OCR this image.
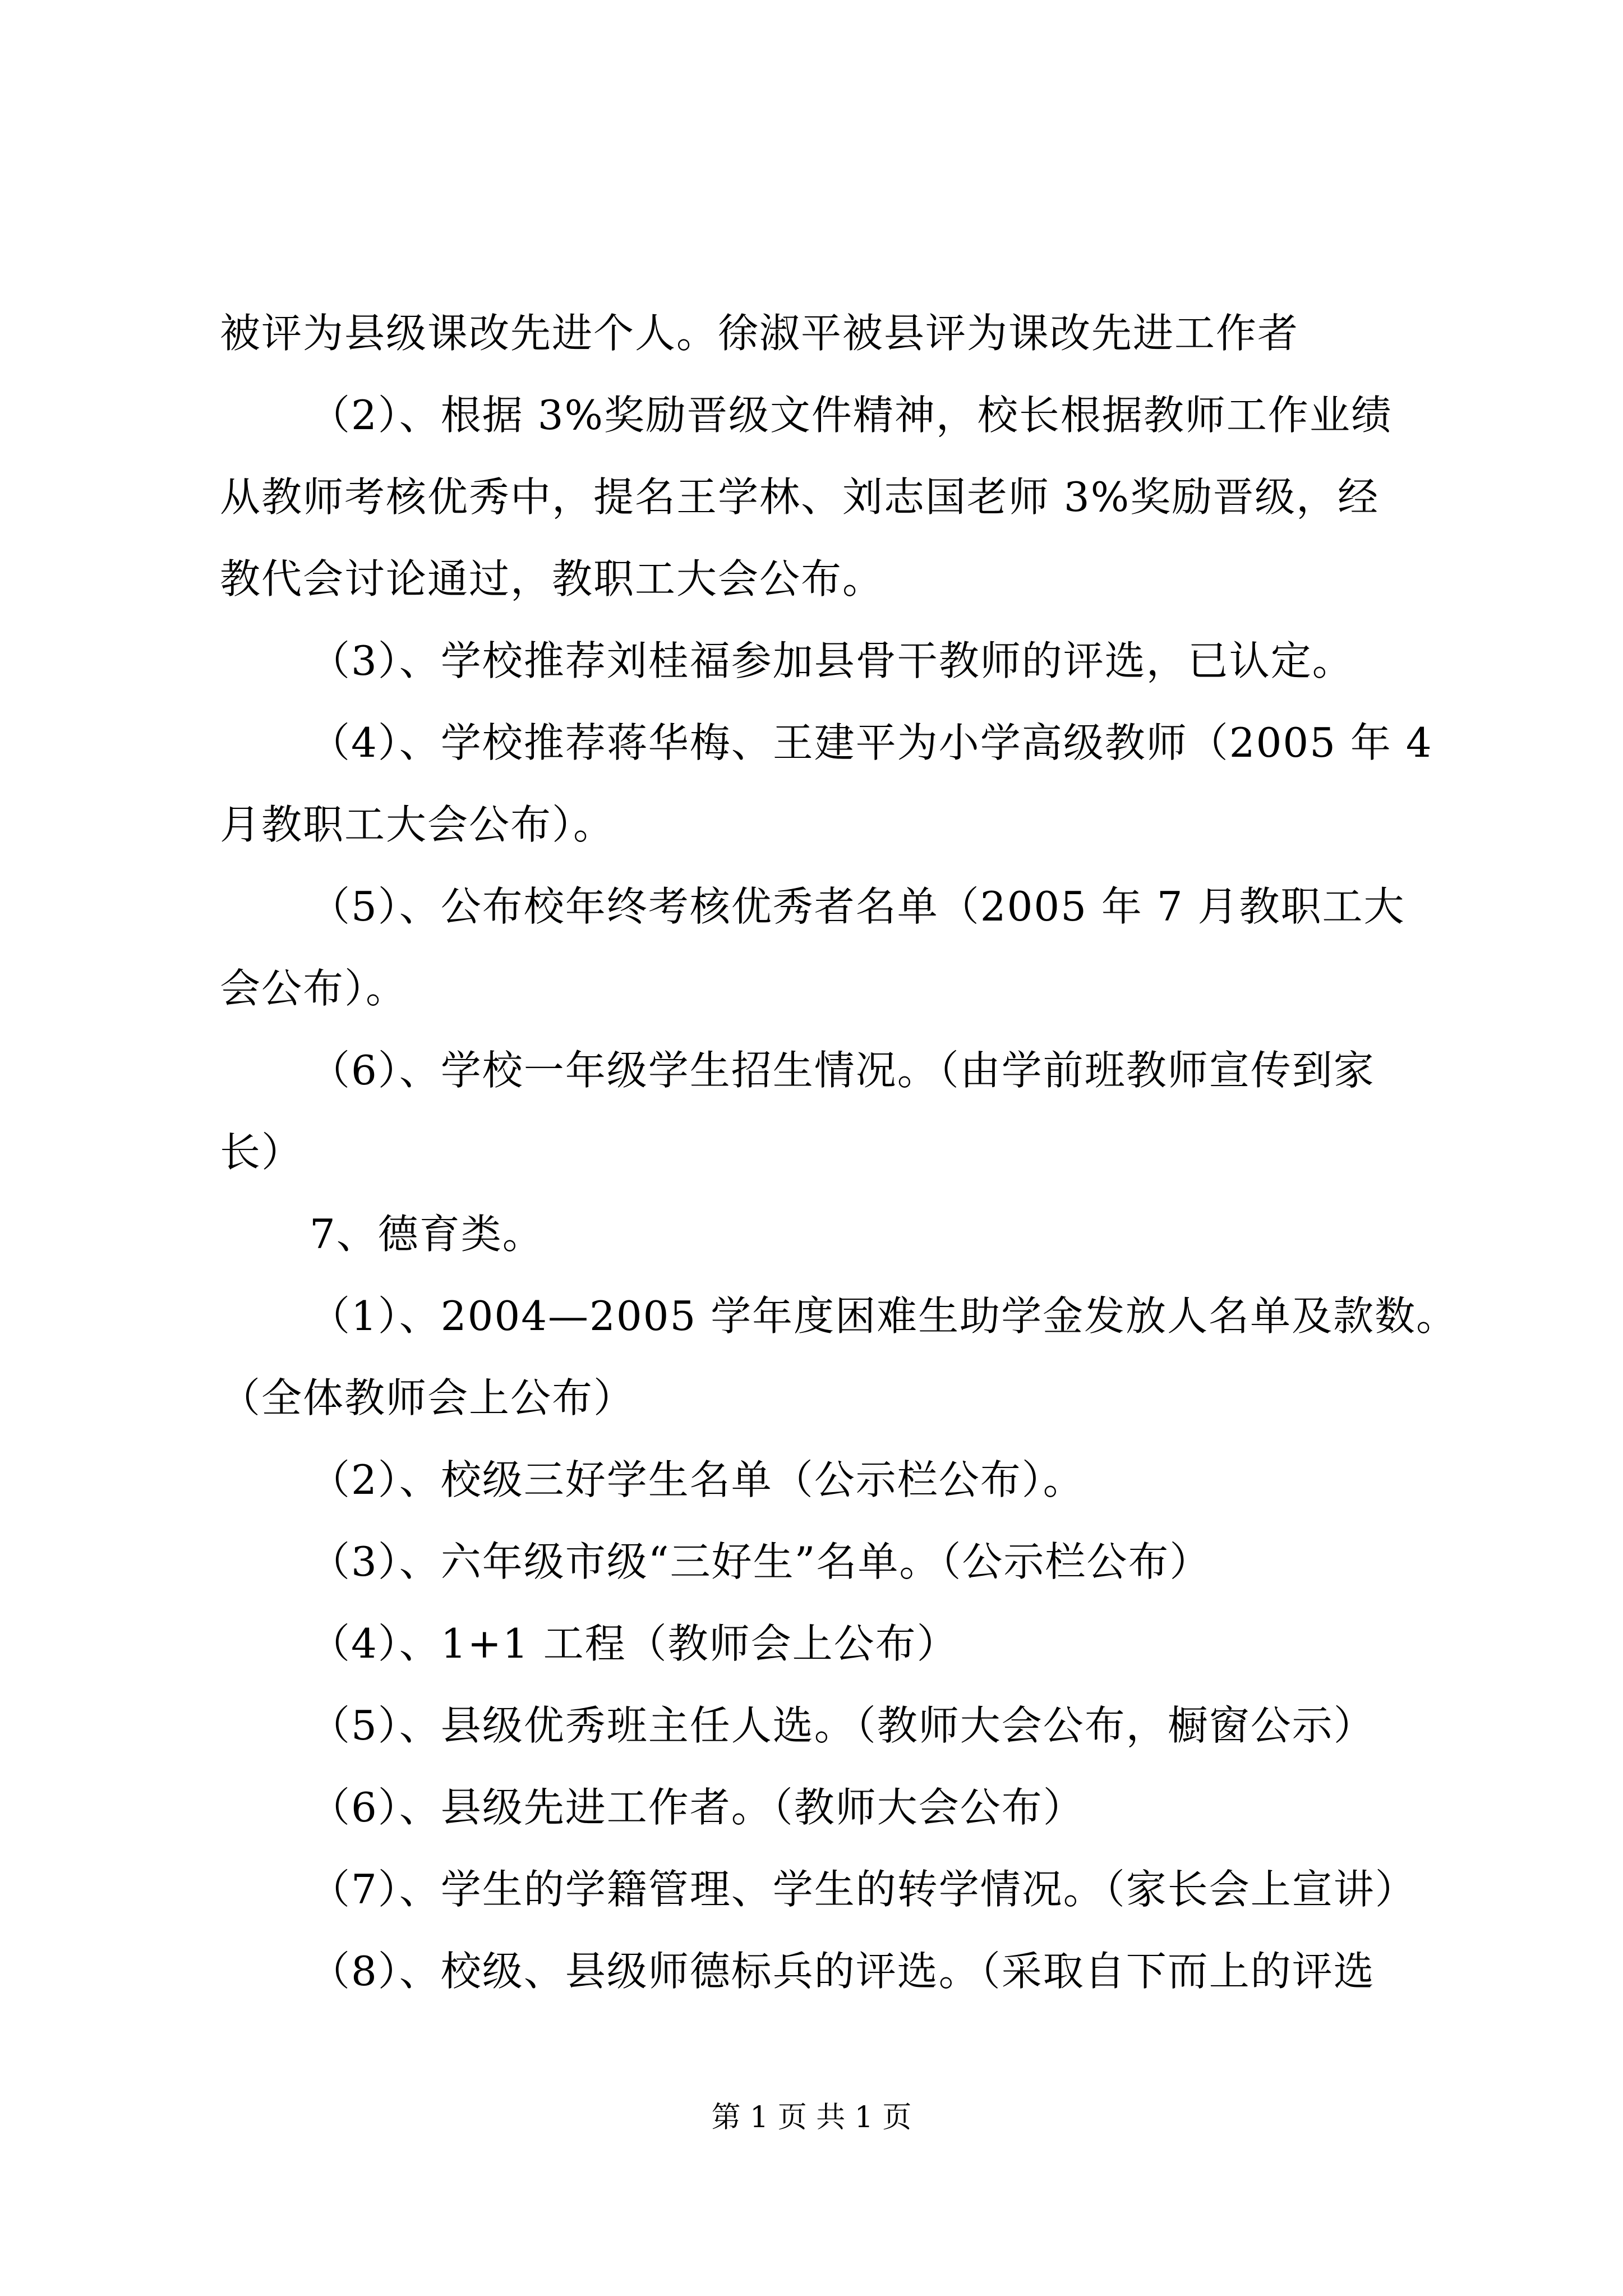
被评为县级课改先进个人。徐淑平被县评为课改先进工作者
（2）、根据 3%奖励晋级文件精神，校长根据教师工作业绩
从教师考核优秀中，提名王学林、刘志国老师 3%奖励晋级，经
教代会讨论通过，教职工大会公布。
（3）、学校推荐刘桂福参加县骨干教师的评选，已认定。
（4）、学校推荐蒋华梅、王建平为小学高级教师（2005 年 4
月教职工大会公布）。
（5）、公布校年终考核优秀者名单（2005 年 7 月教职工大
会公布）。
（6）、学校一年级学生招生情况。（由学前班教师宣传到家
长）
7、德育类。
（1）、2004—2005 学年度困难生助学金发放人名单及款数。
（全体教师会上公布）
（2）、校级三好学生名单（公示栏公布）。
（3）、六年级市级“三好生”名单。（公示栏公布）
（4）、1+1 工程（教师会上公布）
（5）、县级优秀班主任人选。（教师大会公布，橱窗公示）
（6）、县级先进工作者。（教师大会公布）
（7）、学生的学籍管理、学生的转学情况。（家长会上宣讲）
（8）、校级、县级师德标兵的评选。（采取自下而上的评选
第 1 页 共 1 页
